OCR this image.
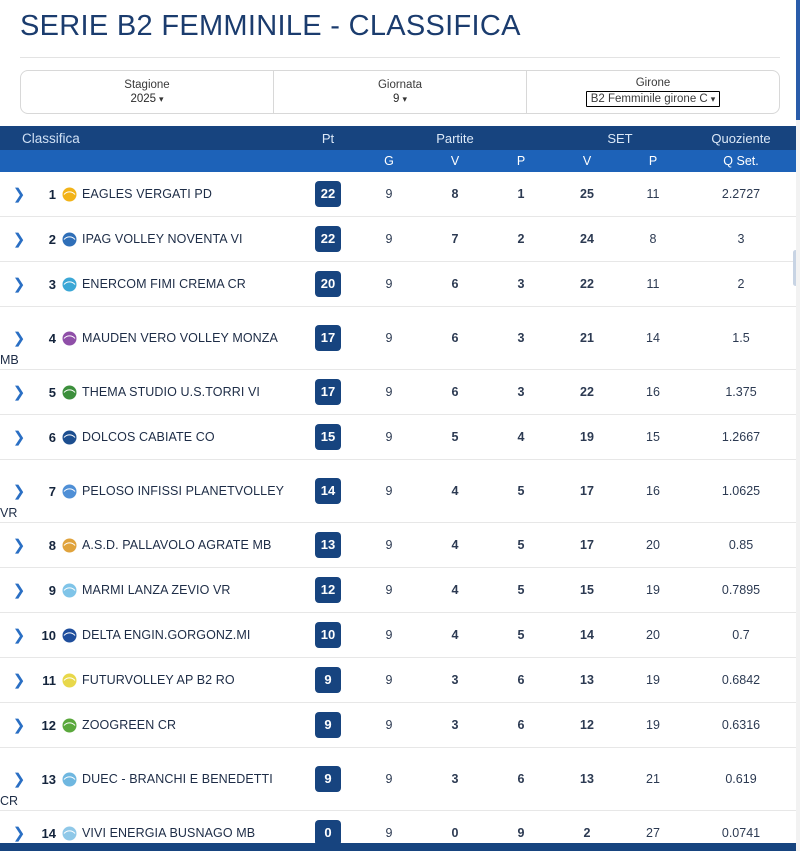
SERIE B2 FEMMINILE - CLASSIFICA
Stagione
2025 ▾
Giornata
9 ▾
Girone
B2 Femminile girone C ▾
Classifica	Pt	Partite	SET	Quoziente

G	V	P	V	P	Q Set.
❯	1 EAGLES VERGATI PD	22	9	8	1	25	11	2.2727
❯	2 IPAG VOLLEY NOVENTA VI	22	9	7	2	24	8	3
❯	3 ENERCOM FIMI CREMA CR	20	9	6	3	22	11	2
❯	4 MAUDEN VERO VOLLEY MONZA	17	9	6	3	21	14	1.5
MB
❯	5 THEMA STUDIO U.S.TORRI VI	17	9	6	3	22	16	1.375
❯	6 DOLCOS CABIATE CO	15	9	5	4	19	15	1.2667
❯	7 PELOSO INFISSI PLANETVOLLEY	14	9	4	5	17	16	1.0625
VR
❯	8 A.S.D. PALLAVOLO AGRATE MB	13	9	4	5	17	20	0.85
❯	9 MARMI LANZA ZEVIO VR	12	9	4	5	15	19	0.7895
❯	10 DELTA ENGIN.GORGONZ.MI	10	9	4	5	14	20	0.7
❯	11 FUTURVOLLEY AP B2 RO	9	9	3	6	13	19	0.6842
❯	12 ZOOGREEN CR	9	9	3	6	12	19	0.6316
❯	13 DUEC - BRANCHI E BENEDETTI	9	9	3	6	13	21	0.619
CR
❯	14 VIVI ENERGIA BUSNAGO MB	0	9	0	9	2	27	0.0741
